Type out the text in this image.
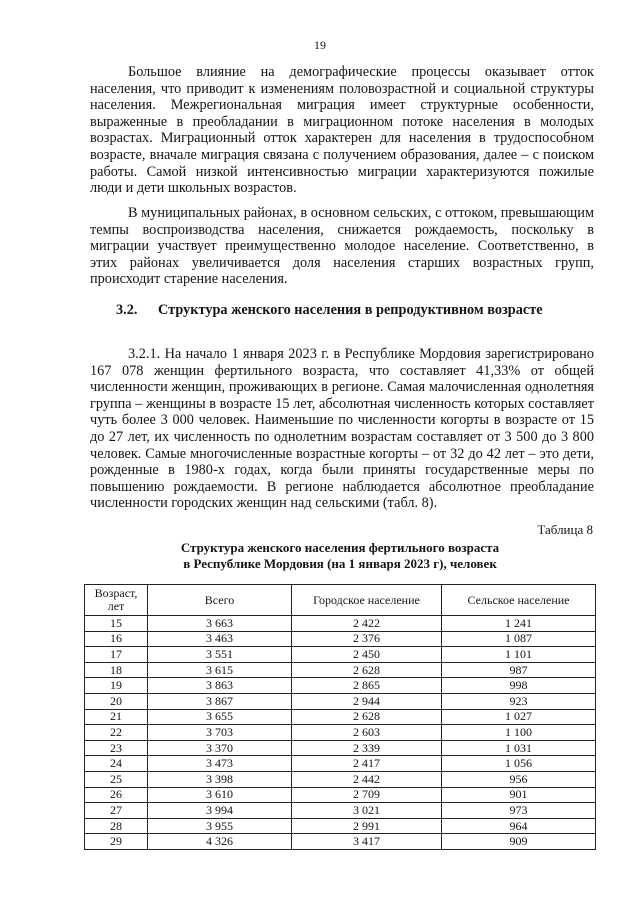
19

Большое влияние на демографические процессы оказывает отток населения, что приводит к изменениям половозрастной и социальной структуры населения. Межрегиональная миграция имеет структурные особенности, выраженные в преобладании в миграционном потоке населения в молодых возрастах. Миграционный отток характерен для населения в трудоспособном возрасте, вначале миграция связана с получением образования, далее – с поиском работы. Самой низкой интенсивностью миграции характеризуются пожилые люди и дети школьных возрастов.

В муниципальных районах, в основном сельских, с оттоком, превышающим темпы воспроизводства населения, снижается рождаемость, поскольку в миграции участвует преимущественно молодое население. Соответственно, в этих районах увеличивается доля населения старших возрастных групп, происходит старение населения.

3.2. Структура женского населения в репродуктивном возрасте

3.2.1. На начало 1 января 2023 г. в Республике Мордовия зарегистрировано 167 078 женщин фертильного возраста, что составляет 41,33% от общей численности женщин, проживающих в регионе. Самая малочисленная однолетняя группа – женщины в возрасте 15 лет, абсолютная численность которых составляет чуть более 3 000 человек. Наименьшие по численности когорты в возрасте от 15 до 27 лет, их численность по однолетним возрастам составляет от 3 500 до 3 800 человек. Самые многочисленные возрастные когорты – от 32 до 42 лет – это дети, рожденные в 1980-х годах, когда были приняты государственные меры по повышению рождаемости. В регионе наблюдается абсолютное преобладание численности городских женщин над сельскими (табл. 8).

Таблица 8
Структура женского населения фертильного возраста
в Республике Мордовия (на 1 января 2023 г), человек
Возраст, лет	Всего	Городское население	Сельское население
15	3 663	2 422	1 241
16	3 463	2 376	1 087
17	3 551	2 450	1 101
18	3 615	2 628	987
19	3 863	2 865	998
20	3 867	2 944	923
21	3 655	2 628	1 027
22	3 703	2 603	1 100
23	3 370	2 339	1 031
24	3 473	2 417	1 056
25	3 398	2 442	956
26	3 610	2 709	901
27	3 994	3 021	973
28	3 955	2 991	964
29	4 326	3 417	909
